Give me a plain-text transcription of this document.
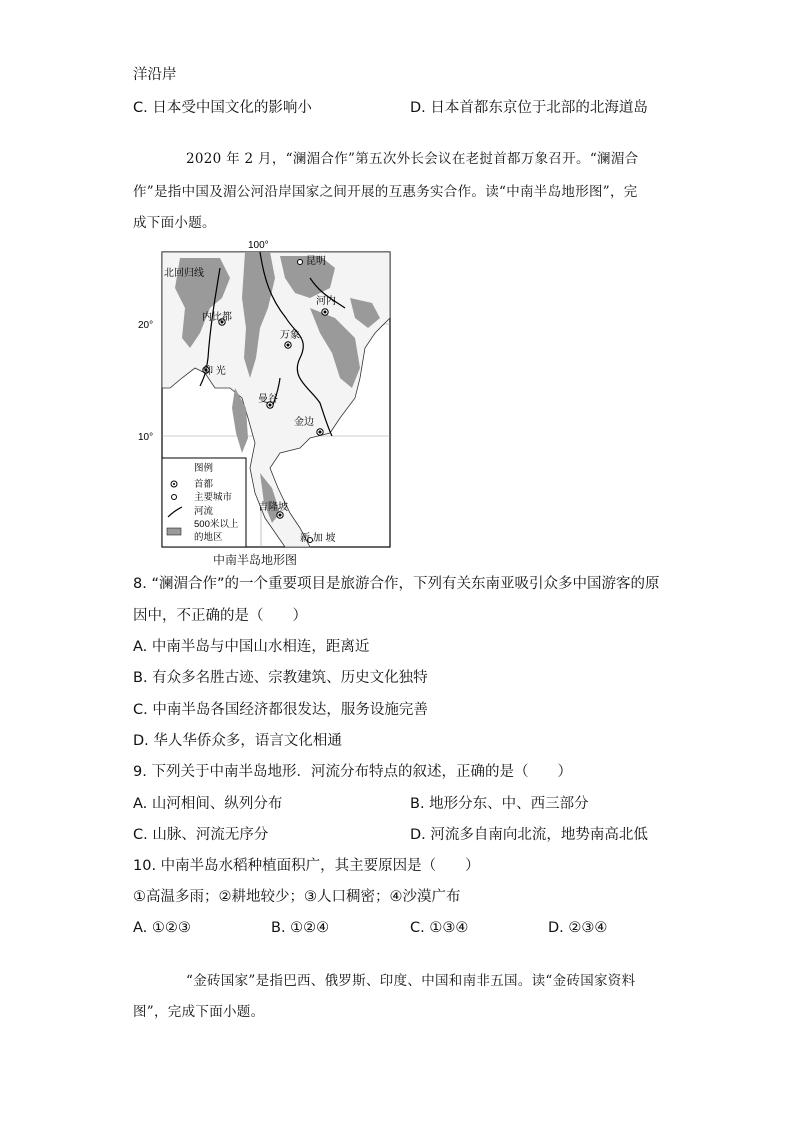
洋沿岸
C. 日本受中国文化的影响小	D. 日本首都东京位于北部的北海道岛
2020 年 2 月，“澜湄合作”第五次外长会议在老挝首都万象召开。“澜湄合
作”是指中国及湄公河沿岸国家之间开展的互惠务实合作。读“中南半岛地形图”，完
成下面小题。
100°
20°
10°
北回归线
昆明
河内
内比都
万象
仰 光
曼谷
金边
吉隆坡
新 加 坡
图例
首都
主要城市
河流
500米以上
的地区
中南半岛地形图
8. “澜湄合作”的一个重要项目是旅游合作，下列有关东南亚吸引众多中国游客的原
因中，不正确的是（　　）
A. 中南半岛与中国山水相连，距离近
B. 有众多名胜古迹、宗教建筑、历史文化独特
C. 中南半岛各国经济都很发达，服务设施完善
D. 华人华侨众多，语言文化相通
9. 下列关于中南半岛地形．河流分布特点的叙述，正确的是（　　）
A. 山河相间、纵列分布	B. 地形分东、中、西三部分
C. 山脉、河流无序分	D. 河流多自南向北流，地势南高北低
10. 中南半岛水稻种植面积广，其主要原因是（　　）
①高温多雨；②耕地较少；③人口稠密；④沙漠广布
A. ①②③	B. ①②④	C. ①③④	D. ②③④
“金砖国家”是指巴西、俄罗斯、印度、中国和南非五国。读“金砖国家资料
图”，完成下面小题。
